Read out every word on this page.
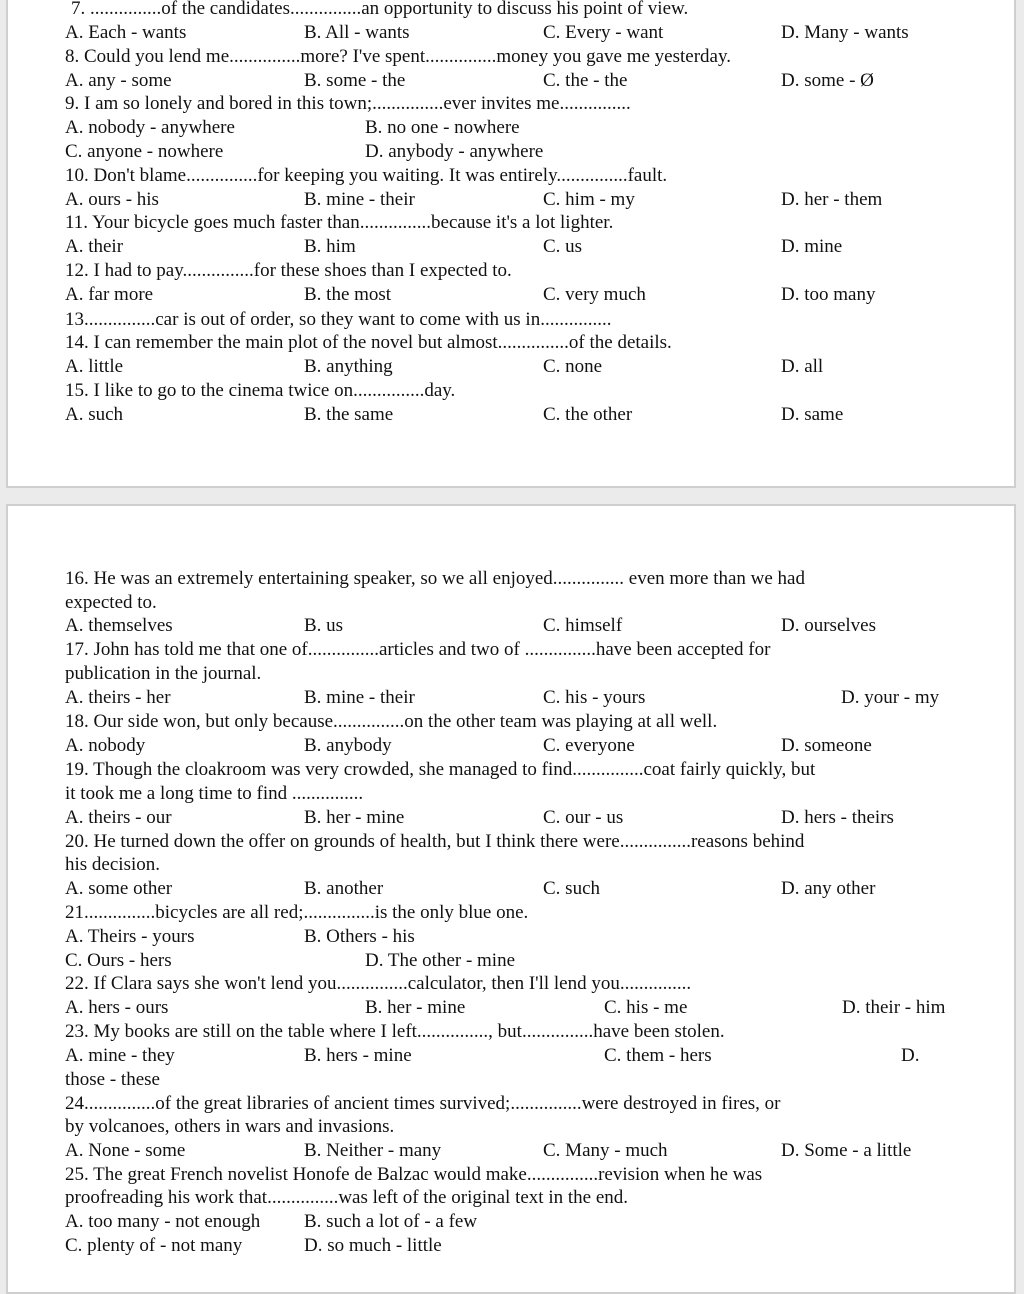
7. ...............of the candidates...............an opportunity to discuss his point of view.
A. Each - wants	B. All - wants	C. Every - want	D. Many - wants
8. Could you lend me...............more? I've spent...............money you gave me yesterday.
A. any - some	B. some - the	C. the - the	D. some - Ø
9. I am so lonely and bored in this town;...............ever invites me...............
A. nobody - anywhere	B. no one - nowhere
C. anyone - nowhere	D. anybody - anywhere
10. Don't blame...............for keeping you waiting. It was entirely...............fault.
A. ours - his	B. mine - their	C. him - my	D. her - them
11. Your bicycle goes much faster than...............because it's a lot lighter.
A. their	B. him	C. us	D. mine
12. I had to pay...............for these shoes than I expected to.
A. far more	B. the most	C. very much	D. too many
13...............car is out of order, so they want to come with us in...............
14. I can remember the main plot of the novel but almost...............of the details.
A. little	B. anything	C. none	D. all
15. I like to go to the cinema twice on...............day.
A. such	B. the same	C. the other	D. same
16. He was an extremely entertaining speaker, so we all enjoyed............... even more than we had
expected to.
A. themselves	B. us	C. himself	D. ourselves
17. John has told me that one of...............articles and two of ...............have been accepted for
publication in the journal.
A. theirs - her	B. mine - their	C. his - yours	D. your - my
18. Our side won, but only because...............on the other team was playing at all well.
A. nobody	B. anybody	C. everyone	D. someone
19. Though the cloakroom was very crowded, she managed to find...............coat fairly quickly, but
it took me a long time to find ...............
A. theirs - our	B. her - mine	C. our - us	D. hers - theirs
20. He turned down the offer on grounds of health, but I think there were...............reasons behind
his decision.
A. some other	B. another	C. such	D. any other
21...............bicycles are all red;...............is the only blue one.
A. Theirs - yours	B. Others - his
C. Ours - hers	D. The other - mine
22. If Clara says she won't lend you...............calculator, then I'll lend you...............
A. hers - ours	B. her - mine	C. his - me	D. their - him
23. My books are still on the table where I left..............., but...............have been stolen.
A. mine - they	B. hers - mine	C. them - hers	D.
those - these
24...............of the great libraries of ancient times survived;...............were destroyed in fires, or
by volcanoes, others in wars and invasions.
A. None - some	B. Neither - many	C. Many - much	D. Some - a little
25. The great French novelist Honofe de Balzac would make...............revision when he was
proofreading his work that...............was left of the original text in the end.
A. too many - not enough B. such a lot of - a few
C. plenty of - not many	D. so much - little
